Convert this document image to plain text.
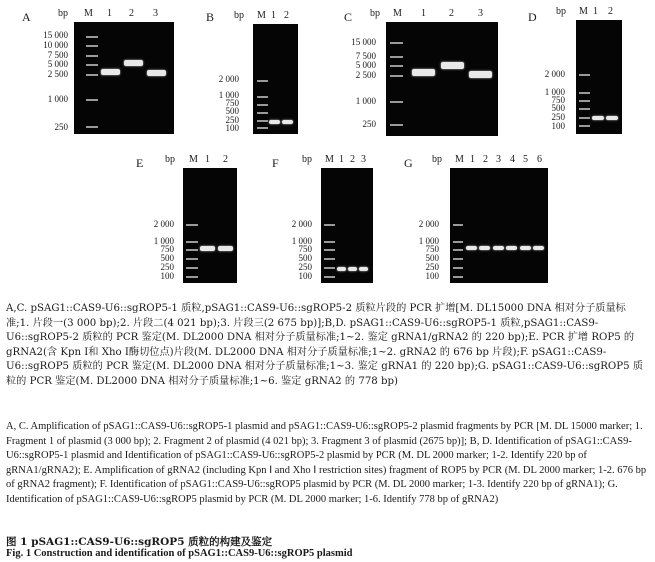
A	bp M 1 2 3
15 000
10 000
7 500
5 000
2 500
1 000
250
B bp M 1 2
2 000
1 000
750
500
250
100
C bp M 1 2 3
15 000
7 500
5 000
2 500
1 000
250
D bp M 1 2
2 000
1 000
750
500
250
100
E bp M 1 2
2 000
1 000
750
500
250
100
F bp M 1 2 3
2 000
1 000
750
500
250
100
G bp M 1 2 3 4 5 6
2 000
1 000
750
500
250
100
A,C. pSAG1::CAS9-U6::sgROP5-1 质粒,pSAG1::CAS9-U6::sgROP5-2 质粒片段的 PCR 扩增[M. DL15000 DNA 相对分子质量标准;1. 片段一(3 000 bp);2. 片段二(4 021 bp);3. 片段三(2 675 bp)];B,D. pSAG1::CAS9-U6::sgROP5-1 质粒,pSAG1::CAS9-U6::sgROP5-2 质粒的 PCR 鉴定(M. DL2000 DNA 相对分子质量标准;1~2. 鉴定 gRNA1/gRNA2 的 220 bp);E. PCR 扩增 ROP5 的 gRNA2(含 Kpn Ⅰ和 Xho Ⅰ酶切位点)片段(M. DL2000 DNA 相对分子质量标准;1~2. gRNA2 的 676 bp 片段);F. pSAG1::CAS9-U6::sgROP5 质粒的 PCR 鉴定(M. DL2000 DNA 相对分子质量标准;1~3. 鉴定 gRNA1 的 220 bp);G. pSAG1::CAS9-U6::sgROP5 质粒的 PCR 鉴定(M. DL2000 DNA 相对分子质量标准;1~6. 鉴定 gRNA2 的 778 bp)
A, C. Amplification of pSAG1::CAS9-U6::sgROP5-1 plasmid and pSAG1::CAS9-U6::sgROP5-2 plasmid fragments by PCR [M. DL 15000 marker; 1. Fragment 1 of plasmid (3 000 bp); 2. Fragment 2 of plasmid (4 021 bp); 3. Fragment 3 of plasmid (2675 bp)]; B, D. Identification of pSAG1::CAS9-U6::sgROP5-1 plasmid and Identification of pSAG1::CAS9-U6::sgROP5-2 plasmid by PCR (M. DL 2000 marker; 1-2. Identify 220 bp of gRNA1/gRNA2); E. Amplification of gRNA2 (including Kpn Ⅰ and Xho Ⅰ restriction sites) fragment of ROP5 by PCR (M. DL 2000 marker; 1-2. 676 bp of gRNA2 fragment); F. Identification of pSAG1::CAS9-U6::sgROP5 plasmid by PCR (M. DL 2000 marker; 1-3. Identify 220 bp of gRNA1); G. Identification of pSAG1::CAS9-U6::sgROP5 plasmid by PCR (M. DL 2000 marker; 1-6. Identify 778 bp of gRNA2)
图 1 pSAG1::CAS9-U6::sgROP5 质粒的构建及鉴定
Fig. 1 Construction and identification of pSAG1::CAS9-U6::sgROP5 plasmid
